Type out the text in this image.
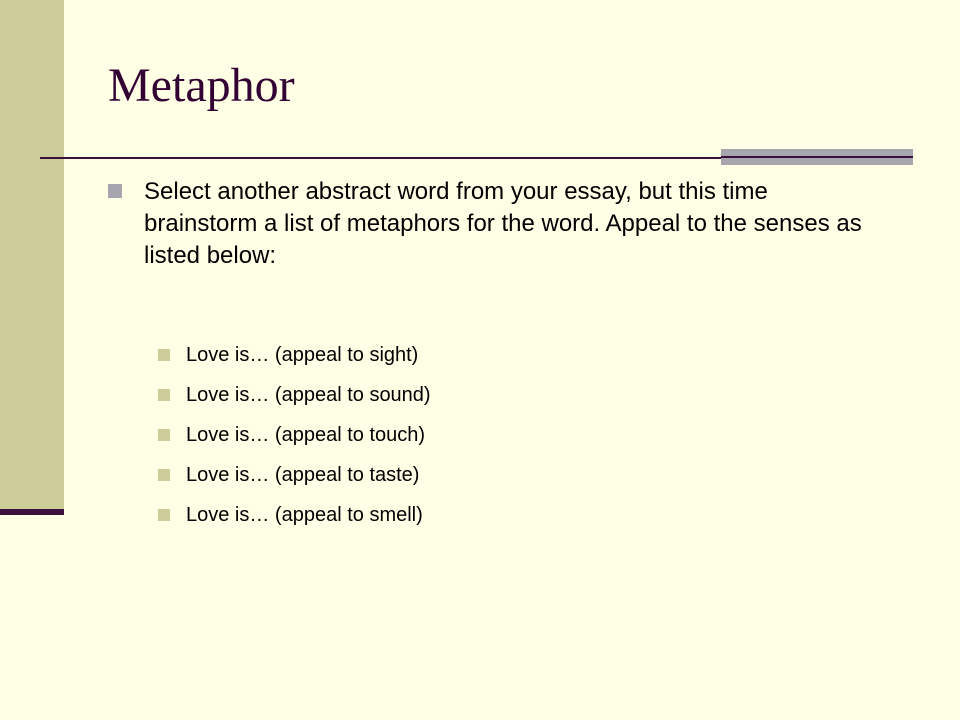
Metaphor
Select another abstract word from your essay, but this time brainstorm a list of metaphors for the word. Appeal to the senses as listed below:
Love is… (appeal to sight)
Love is… (appeal to sound)
Love is… (appeal to touch)
Love is… (appeal to taste)
Love is… (appeal to smell)
